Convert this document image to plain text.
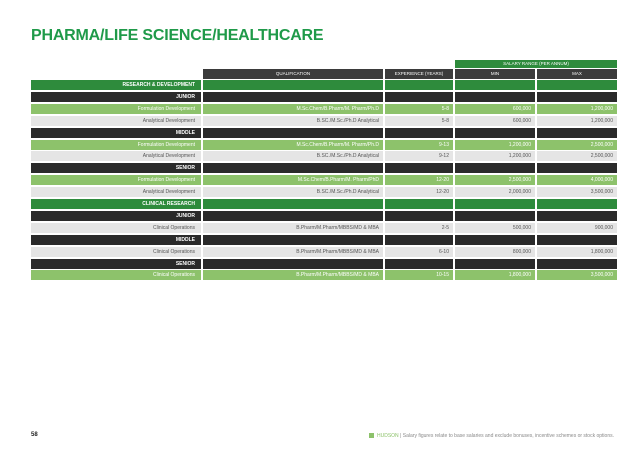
PHARMA/LIFE SCIENCE/HEALTHCARE
SALARY RANGE (PER ANNUM)
QUALIFICATION	EXPERIENCE (YEARS)	MIN	MAX
RESEARCH & DEVELOPMENT
JUNIOR
Formulation Development	M.Sc.Chem/B.Pharm/M. Pharm/Ph.D	5-8	600,000	1,200,000
Analytical Development	B.SC./M.Sc./Ph.D Analytical	5-8	600,000	1,200,000
MIDDLE
Formulation Development	M.Sc.Chem/B.Pharm/M. Pharm/Ph.D	9-13	1,200,000	2,500,000
Analytical Development	B.SC./M.Sc./Ph.D Analytical	9-12	1,200,000	2,500,000
SENIOR
Formulation Development	M.Sc.Chem/B.Pharm/M. Pharm/PhD	12-20	2,500,000	4,000,000
Analytical Development	B.SC./M.Sc./Ph.D Analytical	12-20	2,000,000	3,500,000
CLINICAL RESEARCH
JUNIOR
Clinical Operations	B.Pharm/M.Pharm/MBBS/MD & MBA	2-5	500,000	900,000
MIDDLE
Clinical Operations	B.Pharm/M.Pharm/MBBS/MD & MBA	6-10	800,000	1,800,000
SENIOR
Clinical Operations	B.Pharm/M.Pharm/MBBS/MD & MBA	10-15	1,800,000	3,500,000
58	HUDSON | Salary figures relate to base salaries and exclude bonuses, incentive schemes or stock options.
